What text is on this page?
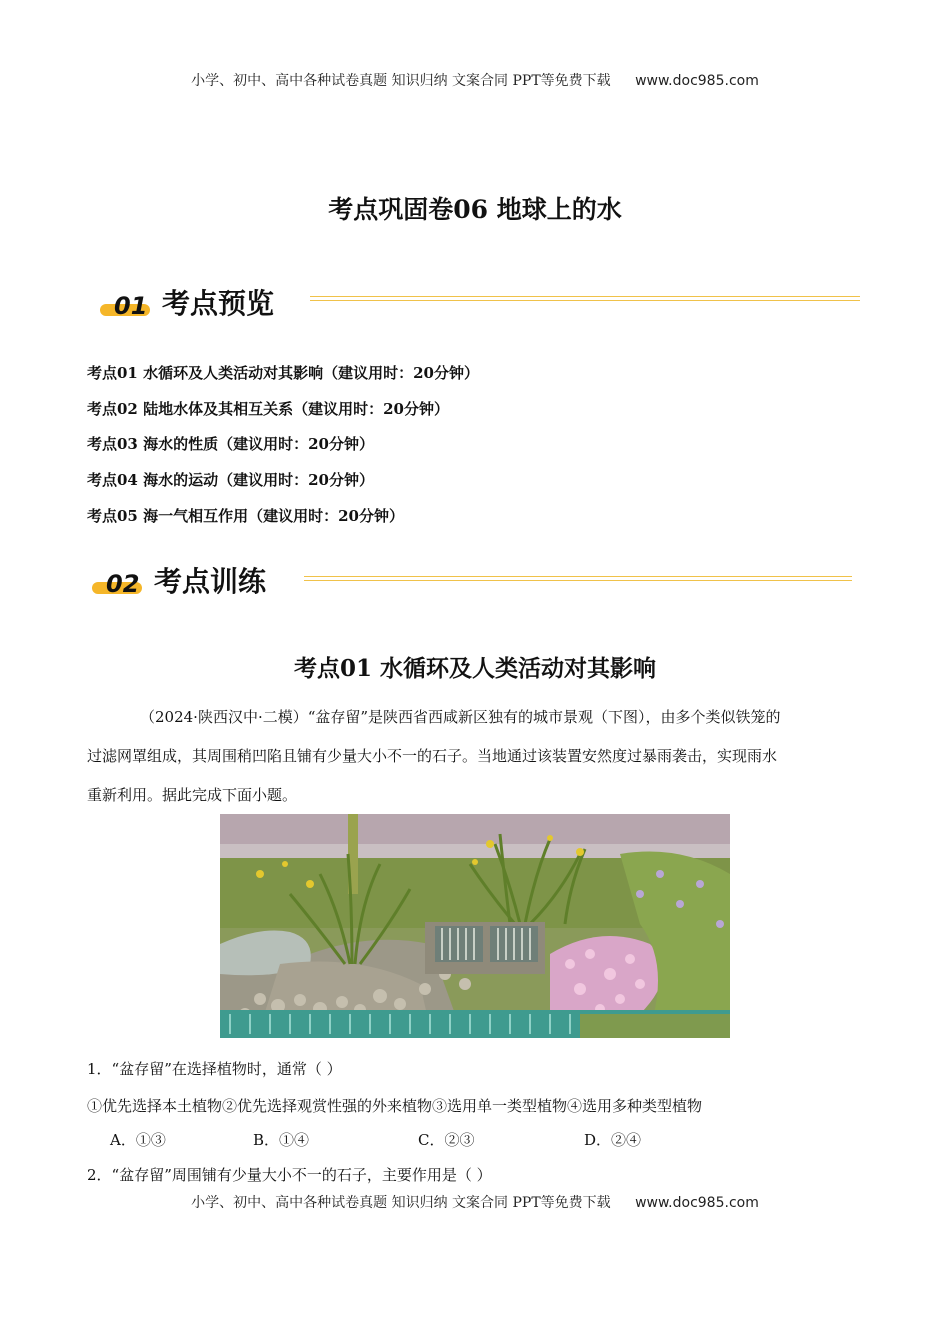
小学、初中、高中各种试卷真题 知识归纳 文案合同 PPT等免费下载 www.doc985.com
考点巩固卷06 地球上的水
01 考点预览
考点01 水循环及人类活动对其影响（建议用时：20分钟）
考点02 陆地水体及其相互关系（建议用时：20分钟）
考点03 海水的性质（建议用时：20分钟）
考点04 海水的运动（建议用时：20分钟）
考点05 海一气相互作用（建议用时：20分钟）
02 考点训练
考点01 水循环及人类活动对其影响
（2024·陕西汉中·二模）“盆存留”是陕西省西咸新区独有的城市景观（下图），由多个类似铁笼的
过滤网罩组成，其周围稍凹陷且铺有少量大小不一的石子。当地通过该装置安然度过暴雨袭击，实现雨水
重新利用。据此完成下面小题。
1．“盆存留”在选择植物时，通常（ ）
①优先选择本土植物②优先选择观赏性强的外来植物③选用单一类型植物④选用多种类型植物
A．①③	B．①④	C．②③	D．②④
2．“盆存留”周围铺有少量大小不一的石子，主要作用是（ ）
小学、初中、高中各种试卷真题 知识归纳 文案合同 PPT等免费下载 www.doc985.com
